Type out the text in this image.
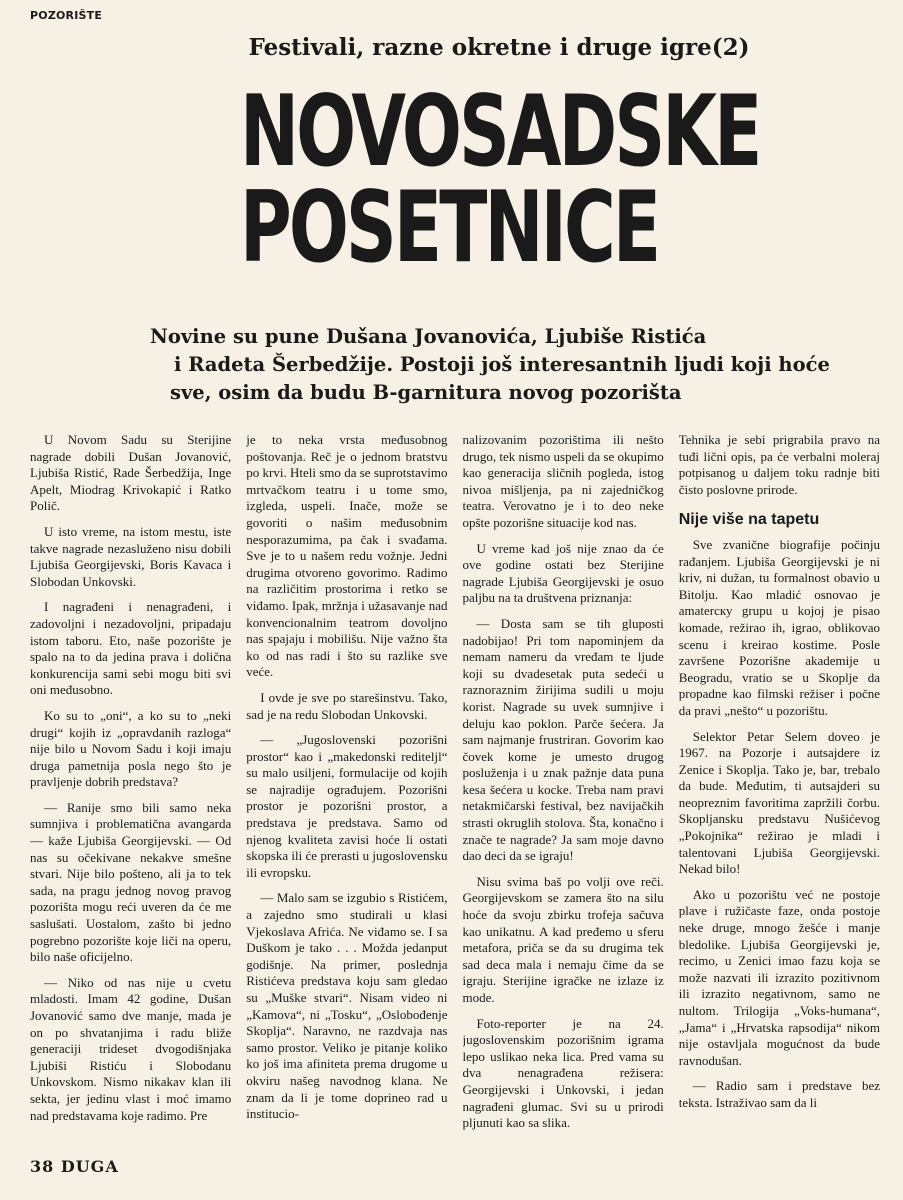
POZORIŠTE
Festivali, razne okretne i druge igre(2)
NOVOSADSKE
POSETNICE
Novine su pune Dušana Jovanovića, Ljubiše Ristića
i Radeta Šerbedžije. Postoji još interesantnih ljudi koji hoće
sve, osim da budu B-garnitura novog pozorišta

U Novom Sadu su Sterijine nagrade dobili Dušan Jovanović, Ljubiša Ristić, Rade Šerbedžija, Inge Apelt, Miodrag Krivokapić i Ratko Polič.

U isto vreme, na istom mestu, iste takve nagrade nezasluženo nisu dobili Ljubiša Georgijevski, Boris Kavaca i Slobodan Unkovski.

I nagrađeni i nenagrađeni, i zadovoljni i nezadovoljni, pripadaju istom taboru. Eto, naše pozorište je spalo na to da jedina prava i dolična konkurencija sami sebi mogu biti svi oni međusobno.

Ko su to „oni“, a ko su to „neki drugi“ kojih iz „opravdanih razloga“ nije bilo u Novom Sadu i koji imaju druga pametnija posla nego što je pravljenje dobrih predstava?

— Ranije smo bili samo neka sumnjiva i problematična avangarda — kaže Ljubiša Georgijevski. — Od nas su očekivane nekakve smešne stvari. Nije bilo pošteno, ali ja to tek sada, na pragu jednog novog pravog pozorišta mogu reći uveren da će me saslušati. Uostalom, zašto bi jedno pogrebno pozorište koje liči na operu, bilo naše oficijelno.

— Niko od nas nije u cvetu mladosti. Imam 42 godine, Dušan Jovanović samo dve manje, mada je on po shvatanjima i radu bliže generaciji trideset dvogodišnjaka Ljubiši Ristiću i Slobodanu Unkovskom. Nismo nikakav klan ili sekta, jer jedinu vlast i moć imamo nad predstavama koje radimo. Pre

je to neka vrsta međusobnog poštovanja. Reč je o jednom bratstvu po krvi. Hteli smo da se suprotstavimo mrtvačkom teatru i u tome smo, izgleda, uspeli. Inače, može se govoriti o našim međusobnim nesporazumima, pa čak i svađama. Sve je to u našem redu vožnje. Jedni drugima otvoreno govorimo. Radimo na različitim prostorima i retko se viđamo. Ipak, mržnja i užasavanje nad konvencionalnim teatrom dovoljno nas spajaju i mobilišu. Nije važno šta ko od nas radi i što su razlike sve veće.

I ovde je sve po starešinstvu. Tako, sad je na redu Slobodan Unkovski.

— „Jugoslovenski pozorišni prostor“ kao i „makedonski rediteljl“ su malo usiljeni, formulacije od kojih se najradije ograđujem. Pozorišni prostor je pozorišni prostor, a predstava je predstava. Samo od njenog kvaliteta zavisi hoće li ostati skopska ili će prerasti u jugoslovensku ili evropsku.

— Malo sam se izgubio s Ristićem, a zajedno smo studirali u klasi Vjekoslava Afrića. Ne viđamo se. I sa Duškom je tako . . . Možda jedanput godišnje. Na primer, poslednja Ristićeva predstava koju sam gledao su „Muške stvari“. Nisam video ni „Kamova“, ni „Tosku“, „Oslobođenje Skoplja“. Naravno, ne razdvaja nas samo prostor. Veliko je pitanje koliko ko još ima afiniteta prema drugome u okviru našeg navodnog klana. Ne znam da li je tome doprineo rad u institucio-

nalizovanim pozorištima ili nešto drugo, tek nismo uspeli da se okupimo kao generacija sličnih pogleda, istog nivoa mišljenja, pa ni zajedničkog teatra. Verovatno je i to deo neke opšte pozorišne situacije kod nas.

U vreme kad još nije znao da će ove godine ostati bez Sterijine nagrade Ljubiša Georgijevski je osuo paljbu na ta društvena priznanja:

— Dosta sam se tih gluposti nadobijao! Pri tom napominjem da nemam nameru da vređam te ljude koji su dvadesetak puta sedeći u raznoraznim žirijima sudili u moju korist. Nagrade su uvek sumnjive i deluju kao poklon. Parče šećera. Ja sam najmanje frustriran. Govorim kao čovek kome je umesto drugog posluženja i u znak pažnje data puna kesa šećera u kocke. Treba nam pravi netakmičarski festival, bez navijačkih strasti okruglih stolova. Šta, konačno i znače te nagrade? Ja sam moje davno dao deci da se igraju!

Nisu svima baš po volji ove reči. Georgijevskom se zamera što na silu hoće da svoju zbirku trofeja sačuva kao unikatnu. A kad pređemo u sferu metafora, priča se da su drugima tek sad deca mala i nemaju čime da se igraju. Sterijine igračke ne izlaze iz mode.

Foto-reporter je na 24. jugoslovenskim pozorišnim igrama lepo uslikao neka lica. Pred vama su dva nenagrađena režisera: Georgijevski i Unkovski, i jedan nagrađeni glumac. Svi su u prirodi pljunuti kao sa slika.

Tehnika je sebi prigrabila pravo na tuđi lični opis, pa će verbalni moleraj potpisanog u daljem toku radnje biti čisto poslovne prirode.

Nije više na tapetu

Sve zvanične biografije počinju rađanjem. Ljubiša Georgijevski je ni kriv, ni dužan, tu formalnost obavio u Bitolju. Kao mladić osnovao je amaterску grupu u kojoj je pisao komade, režirao ih, igrao, oblikovao scenu i kreirao kostime. Posle završene Pozorišne akademije u Beogradu, vratio se u Skoplje da propadne kao filmski režiser i počne da pravi „nešto“ u pozorištu.

Selektor Petar Selem doveo je 1967. na Pozorje i autsajdere iz Zenice i Skoplja. Tako je, bar, trebalo da bude. Međutim, ti autsajderi su neopreznim favoritima zapržili čorbu. Skopljansku predstavu Nušićevog „Pokojnika“ režirao je mladi i talentovani Ljubiša Georgijevski. Nekad bilo!

Ako u pozorištu već ne postoje plave i ružičaste faze, onda postoje neke druge, mnogo žešće i manje bledolike. Ljubiša Georgijevski je, recimo, u Zenici imao fazu koja se može nazvati ili izrazito pozitivnom ili izrazito negativnom, samo ne nultom. Trilogija „Voks-humana“, „Jama“ i „Hrvatska rapsodija“ nikom nije ostavljala mogućnost da bude ravnodušan.

— Radio sam i predstave bez teksta. Istraživao sam da li

38 DUGA
